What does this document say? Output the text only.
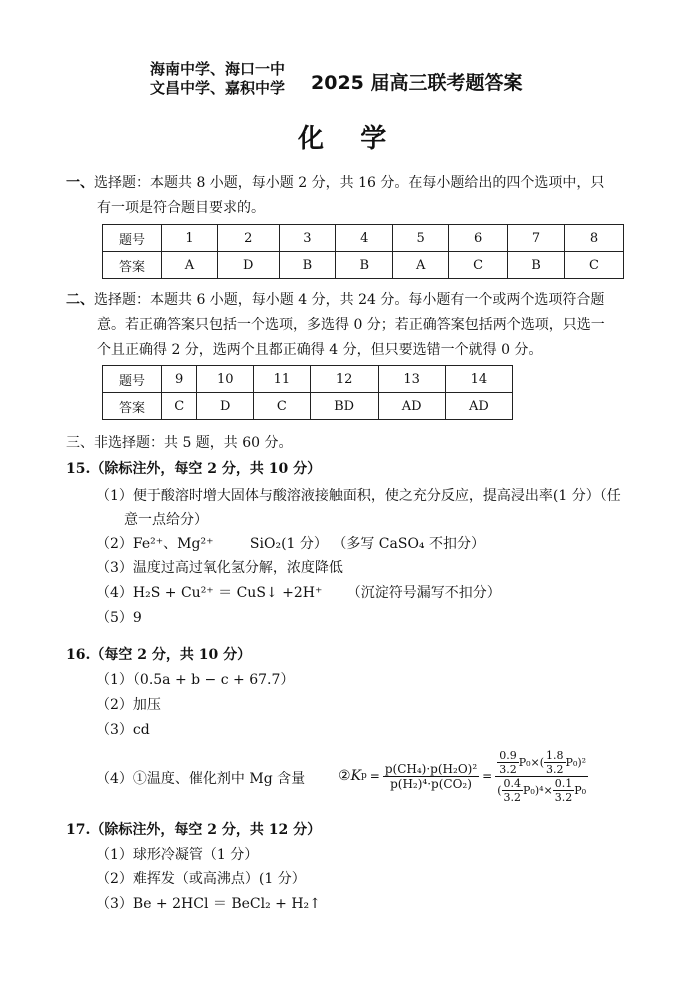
海南中学、海口一中
文昌中学、嘉积中学 2025 届高三联考题答案
化    学
一、选择题：本题共 8 小题，每小题 2 分，共 16 分。在每小题给出的四个选项中，只
有一项是符合题目要求的。
题号	1	2	3	4	5	6	7	8
答案	A	D	B	B	A	C	B	C
二、选择题：本题共 6 小题，每小题 4 分，共 24 分。每小题有一个或两个选项符合题
意。若正确答案只包括一个选项，多选得 0 分；若正确答案包括两个选项，只选一
个且正确得 2 分，选两个且都正确得 4 分，但只要选错一个就得 0 分。
题号	9	10	11	12	13	14
答案	C	D	C	BD	AD	AD
三、非选择题：共 5 题，共 60 分。
15.（除标注外，每空 2 分，共 10 分）
（1）便于酸溶时增大固体与酸溶液接触面积，使之充分反应，提高浸出率(1 分）（任
意一点给分）
（2）Fe²⁺、Mg²⁺	SiO₂(1 分） （多写 CaSO₄ 不扣分）
（3）温度过高过氧化氢分解，浓度降低
（4）H₂S + Cu²⁺ ＝ CuS↓ +2H⁺ （沉淀符号漏写不扣分）
（5）9
16.（每空 2 分，共 10 分）
（1）（0.5a + b − c + 67.7）
（2）加压
（3）cd
（4）①温度、催化剂中 Mg 含量 ② K $p = \frac{\text{p(CH₄)·p(H₂O)²}}{\text{p(H₂)⁴·p(CO₂)}} = \frac{\frac{0.9}{3.2} P_0\times( \frac{1.8}{3.2} P_0)^2}{( \frac{0.4}{3.2} P_0)^4\times \frac{0.1}{3.2} P_0}$
17.（除标注外，每空 2 分，共 12 分）
（1）球形冷凝管（1 分）
（2）难挥发（或高沸点）(1 分）
（3）Be + 2HCl ＝ BeCl₂ + H₂↑
